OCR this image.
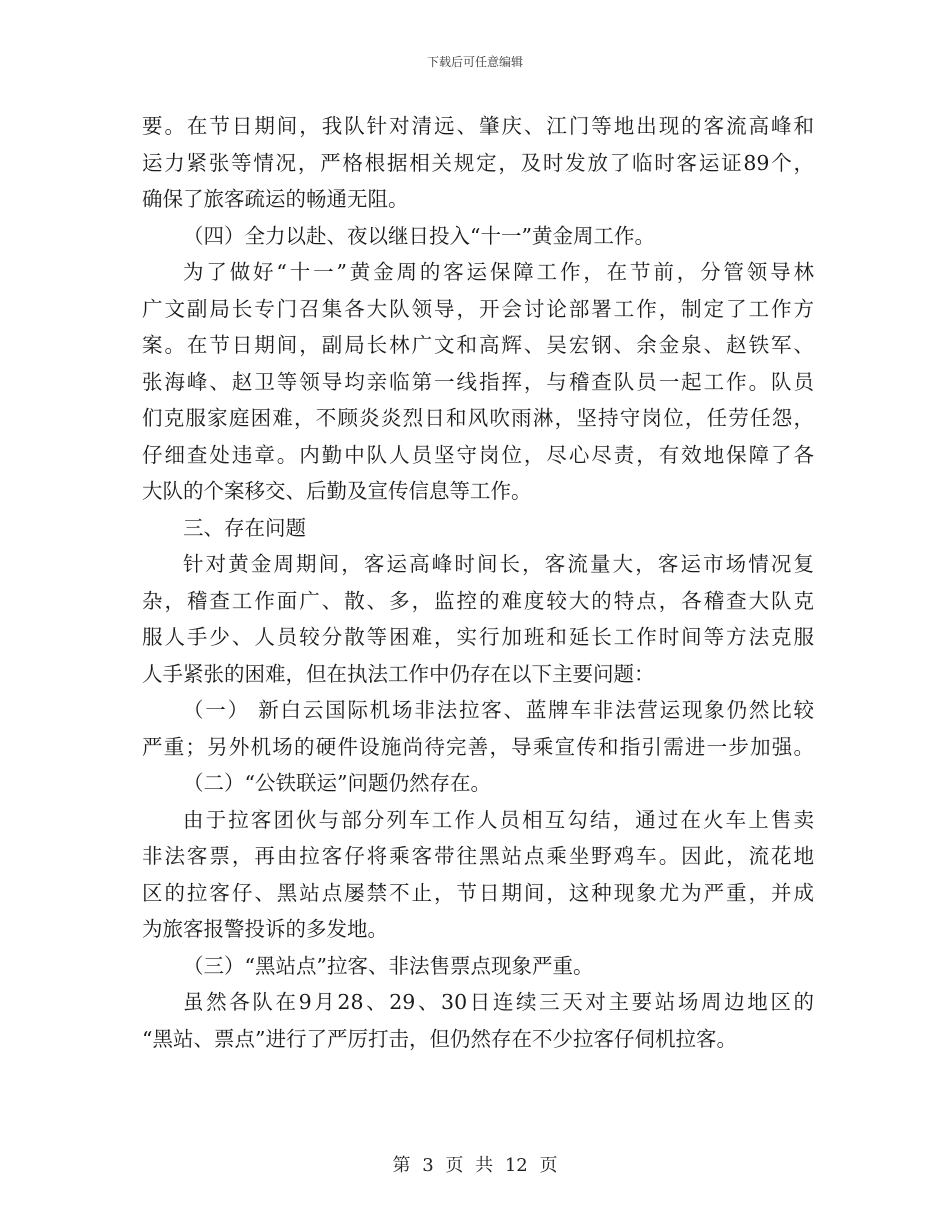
下载后可任意编辑
要。在节日期间，我队针对清远、肇庆、江门等地出现的客流高峰和
运力紧张等情况，严格根据相关规定，及时发放了临时客运证89个，
确保了旅客疏运的畅通无阻。
（四）全力以赴、夜以继日投入“十一”黄金周工作。
为了做好“十一”黄金周的客运保障工作，在节前，分管领导林
广文副局长专门召集各大队领导，开会讨论部署工作，制定了工作方
案。在节日期间，副局长林广文和高辉、吴宏钢、余金泉、赵铁军、
张海峰、赵卫等领导均亲临第一线指挥，与稽查队员一起工作。队员
们克服家庭困难，不顾炎炎烈日和风吹雨淋，坚持守岗位，任劳任怨，
仔细查处违章。内勤中队人员坚守岗位，尽心尽责，有效地保障了各
大队的个案移交、后勤及宣传信息等工作。
三、存在问题
针对黄金周期间，客运高峰时间长，客流量大，客运市场情况复
杂，稽查工作面广、散、多，监控的难度较大的特点，各稽查大队克
服人手少、人员较分散等困难，实行加班和延长工作时间等方法克服
人手紧张的困难，但在执法工作中仍存在以下主要问题：
（一） 新白云国际机场非法拉客、蓝牌车非法营运现象仍然比较
严重；另外机场的硬件设施尚待完善，导乘宣传和指引需进一步加强。
（二）“公铁联运”问题仍然存在。
由于拉客团伙与部分列车工作人员相互勾结，通过在火车上售卖
非法客票，再由拉客仔将乘客带往黑站点乘坐野鸡车。因此，流花地
区的拉客仔、黑站点屡禁不止，节日期间，这种现象尤为严重，并成
为旅客报警投诉的多发地。
（三）“黑站点”拉客、非法售票点现象严重。
虽然各队在9月28、29、30日连续三天对主要站场周边地区的
“黑站、票点”进行了严厉打击，但仍然存在不少拉客仔伺机拉客。
第 3 页 共 12 页
